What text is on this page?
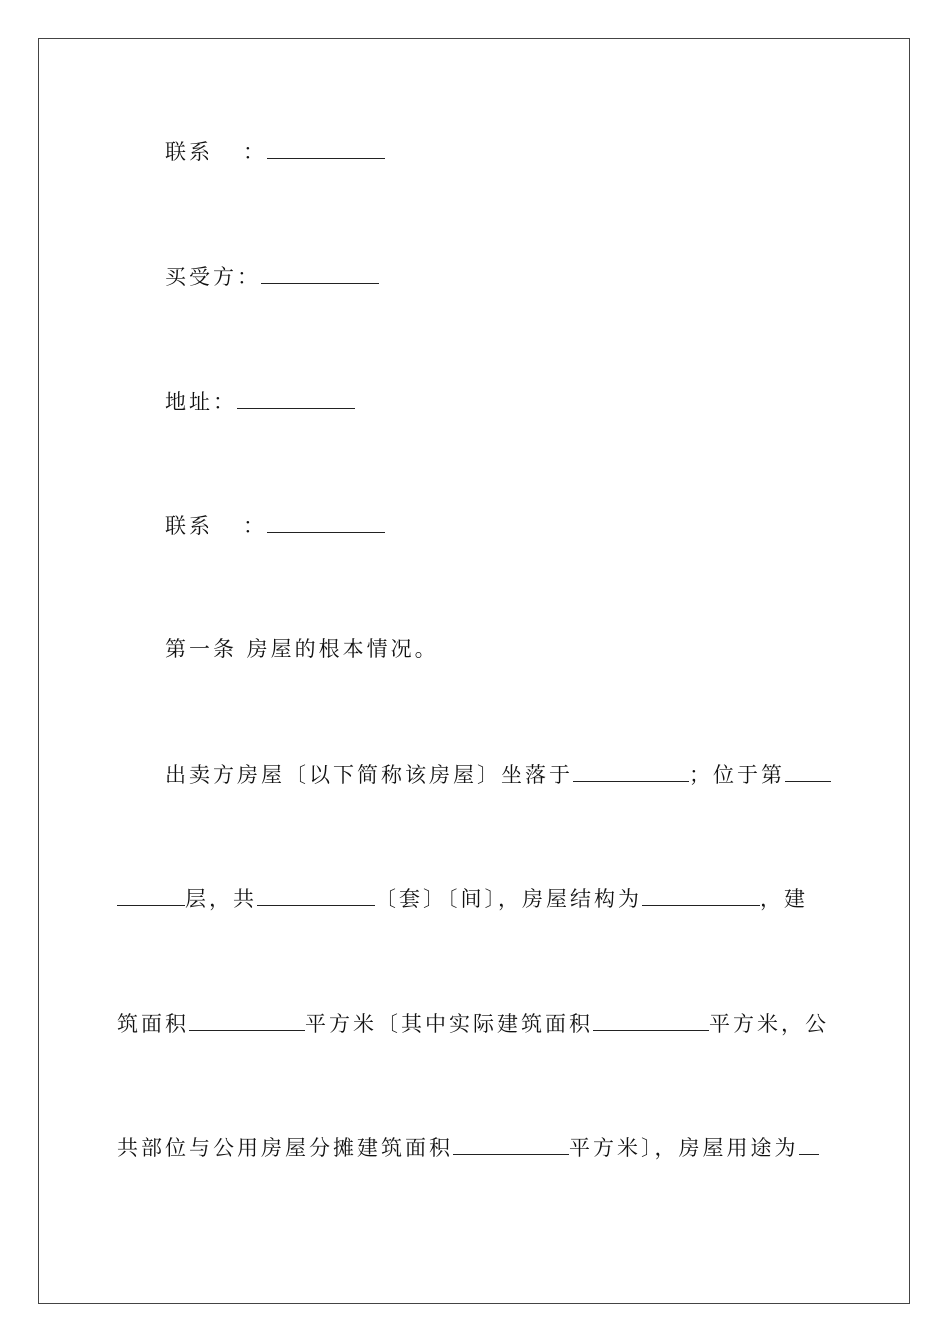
联系 ：
买受方：
地址：
联系 ：
第一条 房屋的根本情况。
出卖方房屋〔以下简称该房屋〕坐落于	；位于第
层，共	〔套〕〔间〕，房屋结构为	，建
筑面积	平方米〔其中实际建筑面积	平方米，公
共部位与公用房屋分摊建筑面积	平方米〕，房屋用途为
